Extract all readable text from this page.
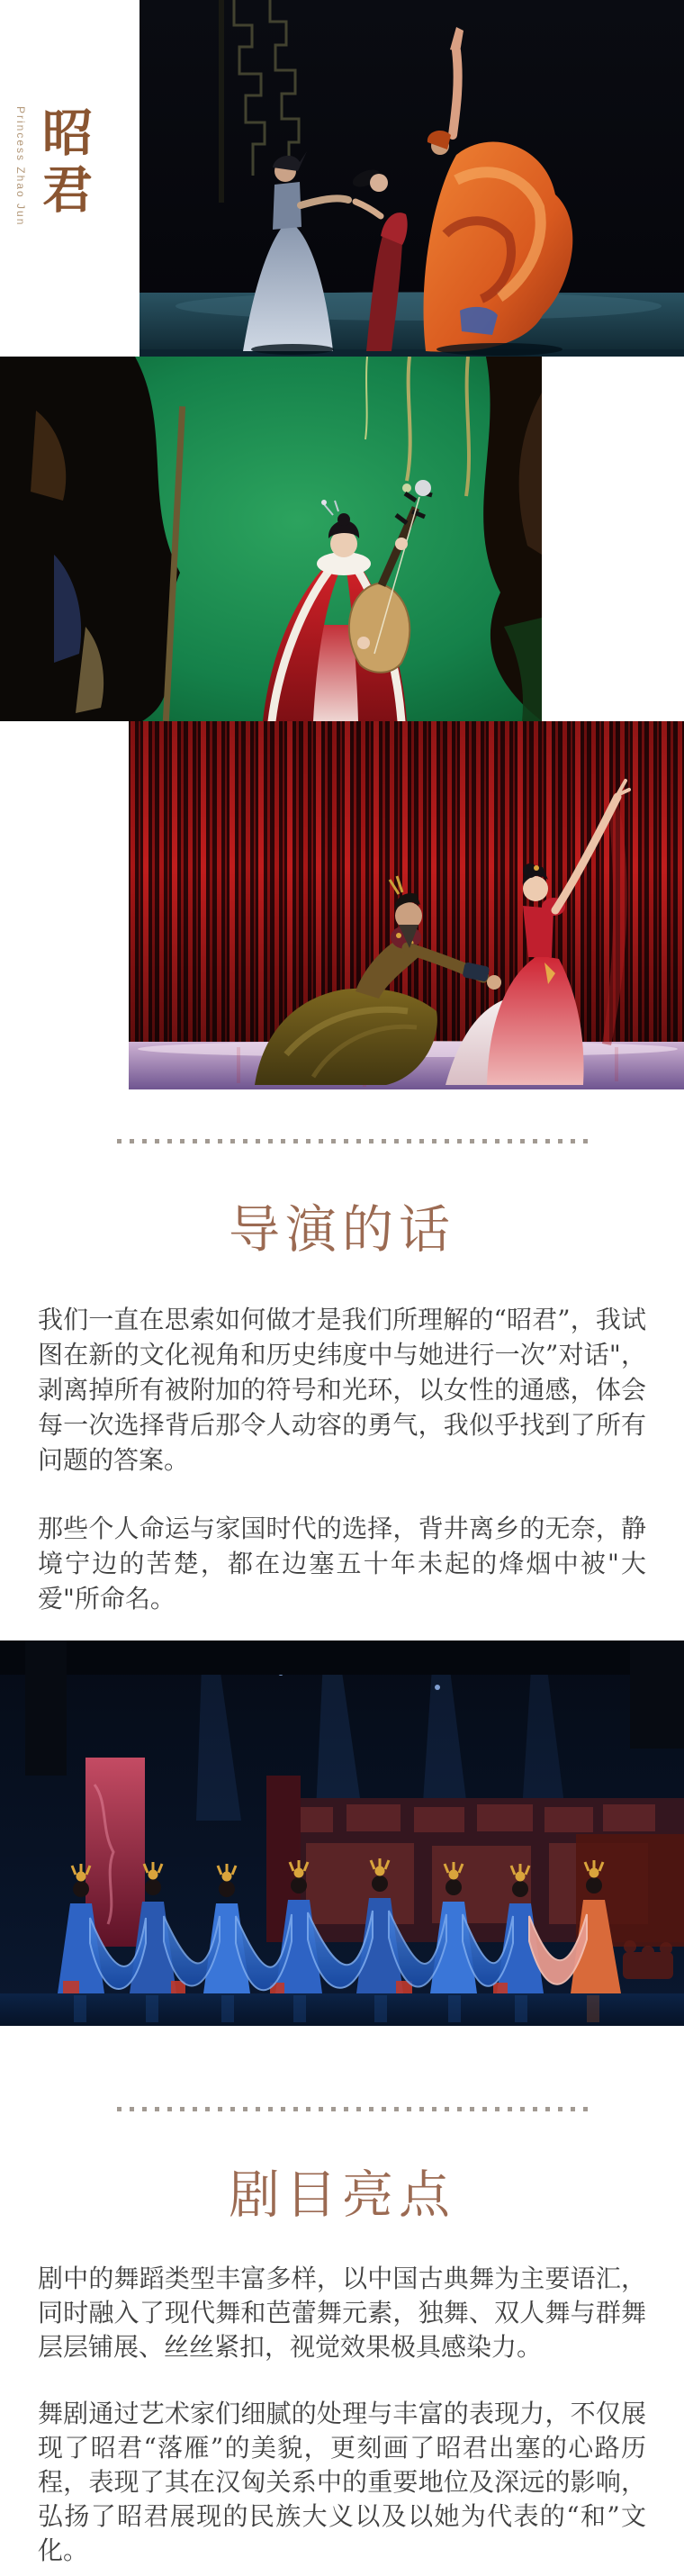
Princess Zhao Jun 昭君
导演的话

我们一直在思索如何做才是我们所理解的“昭君”，我试图在新的文化视角和历史纬度中与她进行一次”对话"，剥离掉所有被附加的符号和光环，以女性的通感，体会每一次选择背后那令人动容的勇气，我似乎找到了所有问题的答案。

那些个人命运与家国时代的选择，背井离乡的无奈，静境宁边的苦楚，都在边塞五十年未起的烽烟中被"大爱"所命名。

剧目亮点

剧中的舞蹈类型丰富多样，以中国古典舞为主要语汇，同时融入了现代舞和芭蕾舞元素，独舞、双人舞与群舞层层铺展、丝丝紧扣，视觉效果极具感染力。

舞剧通过艺术家们细腻的处理与丰富的表现力，不仅展现了昭君“落雁”的美貌，更刻画了昭君出塞的心路历程，表现了其在汉匈关系中的重要地位及深远的影响，弘扬了昭君展现的民族大义以及以她为代表的“和”文化。
